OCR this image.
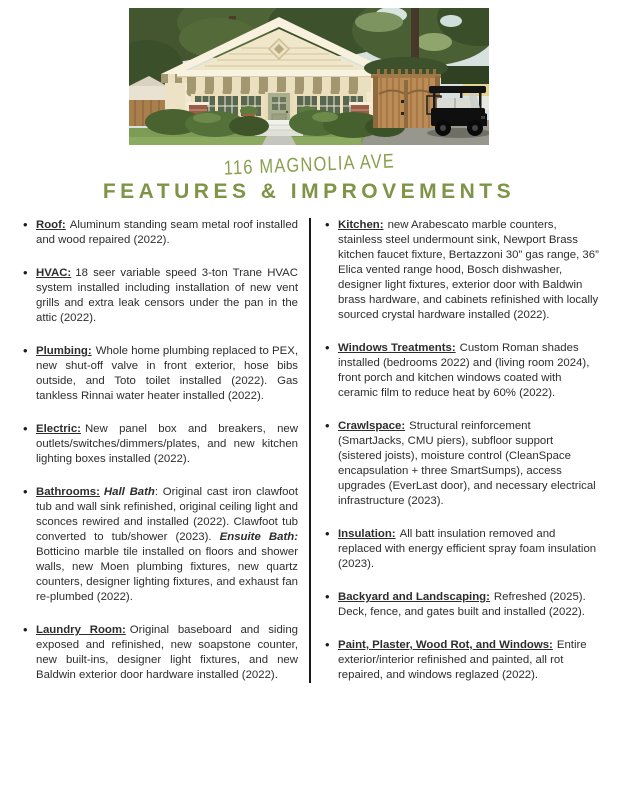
116 MAGNOLIA AVE
FEATURES & IMPROVEMENTS
• Roof: Aluminum standing seam metal roof installed and wood repaired (2022).
• HVAC: 18 seer variable speed 3-ton Trane HVAC system installed including installation of new vent grills and extra leak censors under the pan in the attic (2022).
• Plumbing: Whole home plumbing replaced to PEX, new shut-off valve in front exterior, hose bibs outside, and Toto toilet installed (2022). Gas tankless Rinnai water heater installed (2022).
• Electric: New panel box and breakers, new outlets/switches/dimmers/plates, and new kitchen lighting boxes installed (2022).
• Bathrooms: Hall Bath: Original cast iron clawfoot tub and wall sink refinished, original ceiling light and sconces rewired and installed (2022). Clawfoot tub converted to tub/shower (2023). Ensuite Bath: Botticino marble tile installed on floors and shower walls, new Moen plumbing fixtures, new quartz counters, designer lighting fixtures, and exhaust fan re-plumbed (2022).
• Laundry Room: Original baseboard and siding exposed and refinished, new soapstone counter, new built-ins, designer light fixtures, and new Baldwin exterior door hardware installed (2022).
• Kitchen: new Arabescato marble counters, stainless steel undermount sink, Newport Brass kitchen faucet fixture, Bertazzoni 30” gas range, 36” Elica vented range hood, Bosch dishwasher, designer light fixtures, exterior door with Baldwin brass hardware, and cabinets refinished with locally sourced crystal hardware installed (2022).
• Windows Treatments: Custom Roman shades installed (bedrooms 2022) and (living room 2024), front porch and kitchen windows coated with ceramic film to reduce heat by 60% (2022).
• Crawlspace: Structural reinforcement (SmartJacks, CMU piers), subfloor support (sistered joists), moisture control (CleanSpace encapsulation + three SmartSumps), access upgrades (EverLast door), and necessary electrical infrastructure (2023).
• Insulation: All batt insulation removed and replaced with energy efficient spray foam insulation (2023).
• Backyard and Landscaping: Refreshed (2025). Deck, fence, and gates built and installed (2022).
• Paint, Plaster, Wood Rot, and Windows: Entire exterior/interior refinished and painted, all rot repaired, and windows reglazed (2022).
